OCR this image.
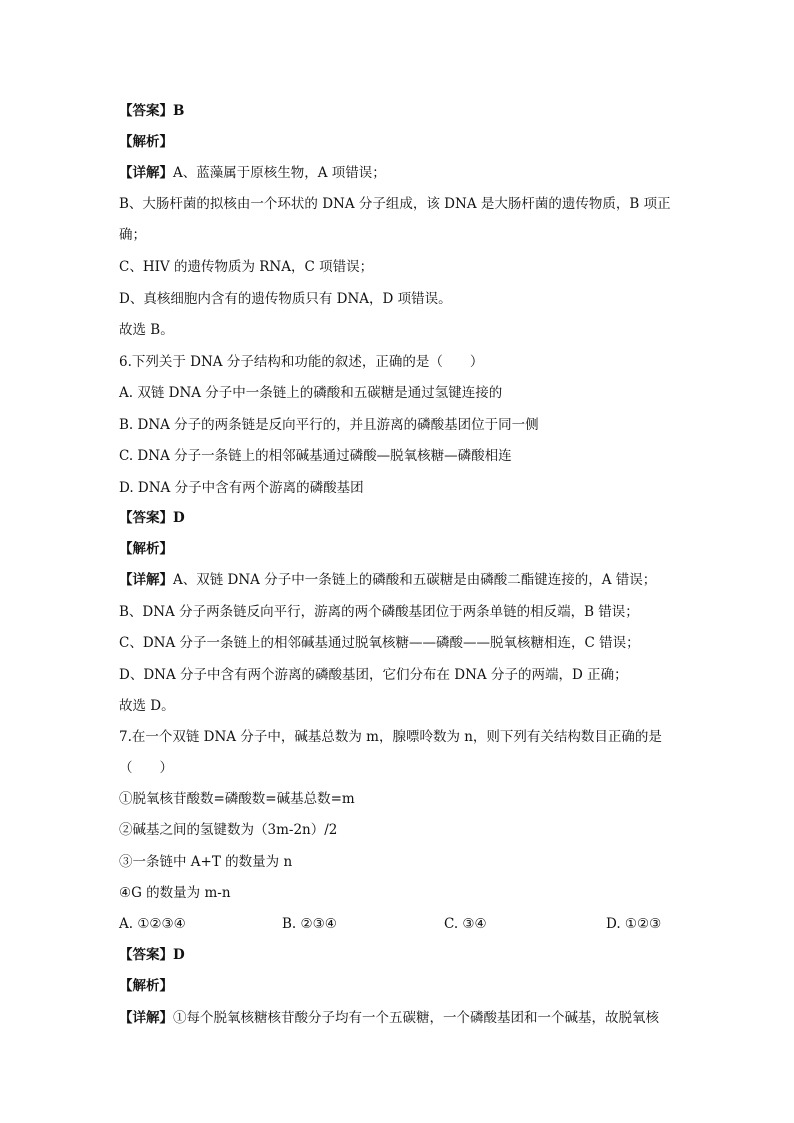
【答案】B
【解析】
【详解】A、蓝藻属于原核生物，A 项错误；
B、大肠杆菌的拟核由一个环状的 DNA 分子组成，该 DNA 是大肠杆菌的遗传物质，B 项正
确；
C、HIV 的遗传物质为 RNA，C 项错误；
D、真核细胞内含有的遗传物质只有 DNA，D 项错误。
故选 B。
6.下列关于 DNA 分子结构和功能的叙述，正确的是（　　）
A. 双链 DNA 分子中一条链上的磷酸和五碳糖是通过氢键连接的
B. DNA 分子的两条链是反向平行的，并且游离的磷酸基团位于同一侧
C. DNA 分子一条链上的相邻碱基通过磷酸—脱氧核糖—磷酸相连
D. DNA 分子中含有两个游离的磷酸基团
【答案】D
【解析】
【详解】A、双链 DNA 分子中一条链上的磷酸和五碳糖是由磷酸二酯键连接的，A 错误；
B、DNA 分子两条链反向平行，游离的两个磷酸基团位于两条单链的相反端，B 错误；
C、DNA 分子一条链上的相邻碱基通过脱氧核糖——磷酸——脱氧核糖相连，C 错误；
D、DNA 分子中含有两个游离的磷酸基团，它们分布在 DNA 分子的两端，D 正确；
故选 D。
7.在一个双链 DNA 分子中，碱基总数为 m，腺嘌呤数为 n，则下列有关结构数目正确的是
（　　）
①脱氧核苷酸数=磷酸数=碱基总数=m
②碱基之间的氢键数为（3m-2n）/2
③一条链中 A+T 的数量为 n
④G 的数量为 m-n
A. ①②③④	B. ②③④	C. ③④	D. ①②③
【答案】D
【解析】
【详解】①每个脱氧核糖核苷酸分子均有一个五碳糖，一个磷酸基团和一个碱基，故脱氧核
